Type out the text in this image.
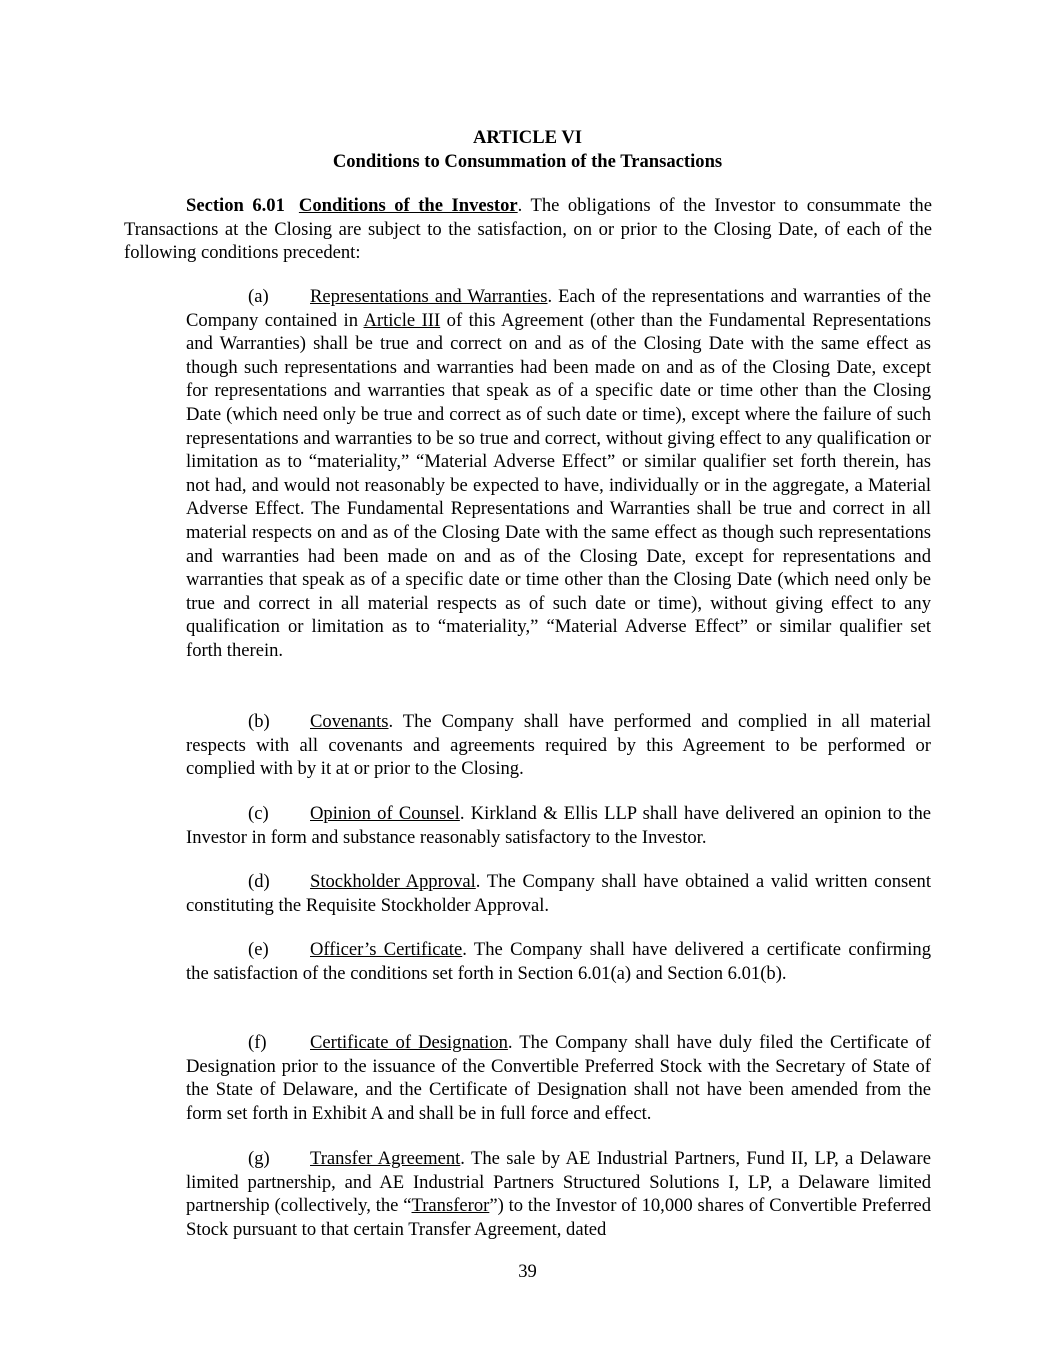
ARTICLE VI
Conditions to Consummation of the Transactions
Section 6.01 Conditions of the Investor. The obligations of the Investor to consummate the Transactions at the Closing are subject to the satisfaction, on or prior to the Closing Date, of each of the following conditions precedent:
(a) Representations and Warranties. Each of the representations and warranties of the Company contained in Article III of this Agreement (other than the Fundamental Representations and Warranties) shall be true and correct on and as of the Closing Date with the same effect as though such representations and warranties had been made on and as of the Closing Date, except for representations and warranties that speak as of a specific date or time other than the Closing Date (which need only be true and correct as of such date or time), except where the failure of such representations and warranties to be so true and correct, without giving effect to any qualification or limitation as to “materiality,” “Material Adverse Effect” or similar qualifier set forth therein, has not had, and would not reasonably be expected to have, individually or in the aggregate, a Material Adverse Effect. The Fundamental Representations and Warranties shall be true and correct in all material respects on and as of the Closing Date with the same effect as though such representations and warranties had been made on and as of the Closing Date, except for representations and warranties that speak as of a specific date or time other than the Closing Date (which need only be true and correct in all material respects as of such date or time), without giving effect to any qualification or limitation as to “materiality,” “Material Adverse Effect” or similar qualifier set forth therein.
(b) Covenants. The Company shall have performed and complied in all material respects with all covenants and agreements required by this Agreement to be performed or complied with by it at or prior to the Closing.
(c) Opinion of Counsel. Kirkland & Ellis LLP shall have delivered an opinion to the Investor in form and substance reasonably satisfactory to the Investor.
(d) Stockholder Approval. The Company shall have obtained a valid written consent constituting the Requisite Stockholder Approval.
(e) Officer’s Certificate. The Company shall have delivered a certificate confirming the satisfaction of the conditions set forth in Section 6.01(a) and Section 6.01(b).
(f) Certificate of Designation. The Company shall have duly filed the Certificate of Designation prior to the issuance of the Convertible Preferred Stock with the Secretary of State of the State of Delaware, and the Certificate of Designation shall not have been amended from the form set forth in Exhibit A and shall be in full force and effect.
(g) Transfer Agreement. The sale by AE Industrial Partners, Fund II, LP, a Delaware limited partnership, and AE Industrial Partners Structured Solutions I, LP, a Delaware limited partnership (collectively, the “Transferor”) to the Investor of 10,000 shares of Convertible Preferred Stock pursuant to that certain Transfer Agreement, dated
39
